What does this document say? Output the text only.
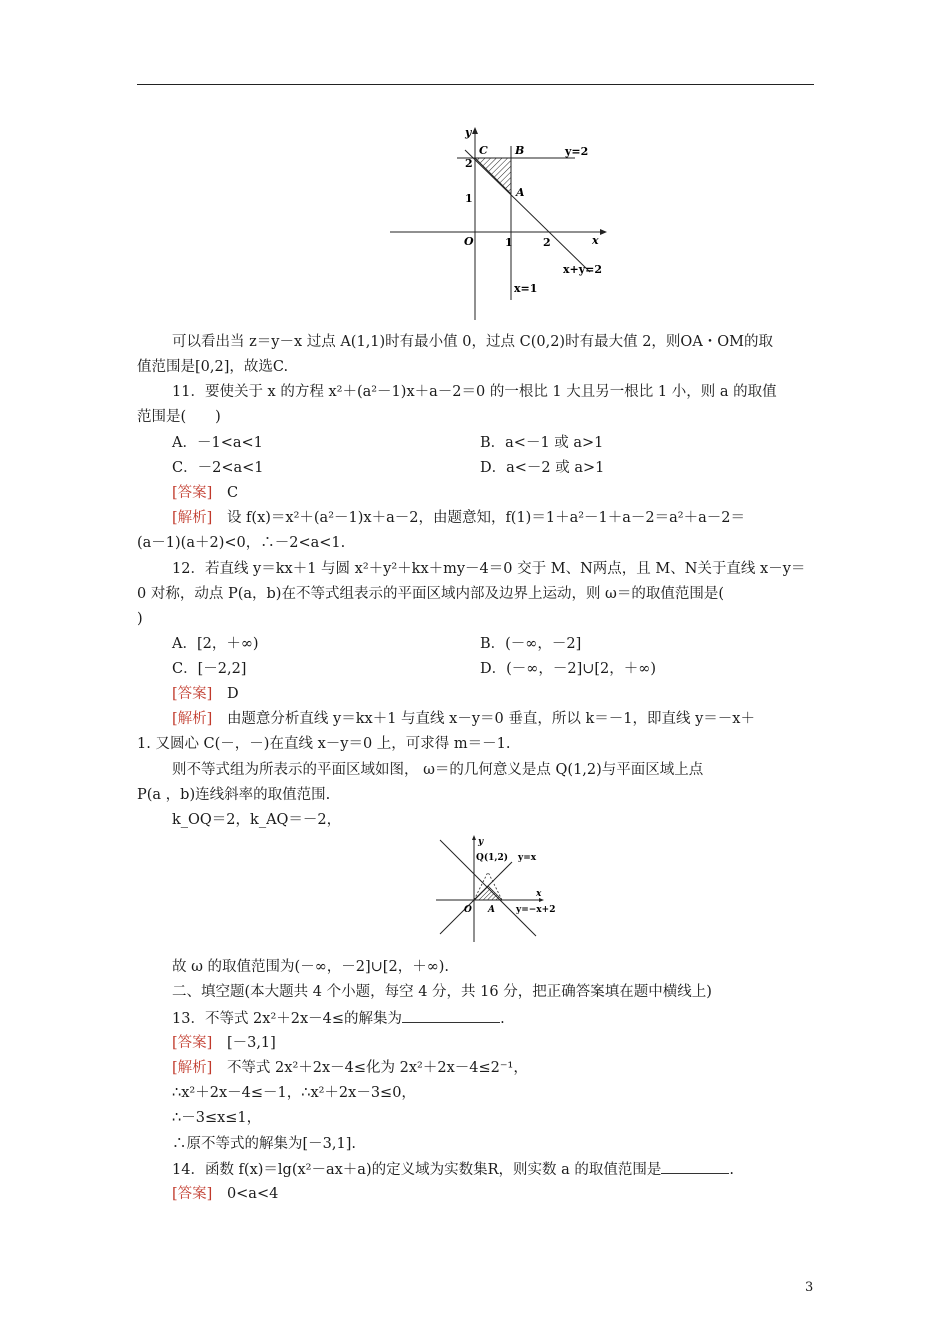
y
x
O
C B
A
y=2
x=1
x+y=2
2
1
1	2
可以看出当 z＝y－x 过点 A(1,1)时有最小值 0，过点 C(0,2)时有最大值 2，则OA・OM的取
值范围是[0,2]，故选C.
11．要使关于 x 的方程 x²＋(a²－1)x＋a－2＝0 的一根比 1 大且另一根比 1 小，则 a 的取值
范围是(　　)
A．－1<a<1	B．a<－1 或 a>1
C．－2<a<1	D．a<－2 或 a>1
[答案] C
[解析] 设 f(x)＝x²＋(a²－1)x＋a－2，由题意知，f(1)＝1＋a²－1＋a－2＝a²＋a－2＝
(a－1)(a＋2)<0，∴－2<a<1.
12．若直线 y＝kx＋1 与圆 x²＋y²＋kx＋my－4＝0 交于 M、N两点，且 M、N关于直线 x－y＝
0 对称，动点 P(a，b)在不等式组表示的平面区域内部及边界上运动，则 ω＝的取值范围是(
)
A．[2，＋∞)	B．(－∞，－2]
C．[－2,2]	D．(－∞，－2]∪[2，＋∞)
[答案] D
[解析] 由题意分析直线 y＝kx＋1 与直线 x－y＝0 垂直，所以 k＝－1，即直线 y＝－x＋
1. 又圆心 C(－，－)在直线 x－y＝0 上，可求得 m＝－1.
则不等式组为所表示的平面区域如图， ω＝的几何意义是点 Q(1,2)与平面区域上点
P(a ，b)连线斜率的取值范围.
k_OQ＝2，k_AQ＝－2，
y
x
O A
Q(1,2) y=x
y=−x+2
故 ω 的取值范围为(－∞，－2]∪[2，＋∞).
二、填空题(本大题共 4 个小题，每空 4 分，共 16 分，把正确答案填在题中横线上)
13．不等式 2x²＋2x－4≤的解集为	.
[答案] [－3,1]
[解析] 不等式 2x²＋2x－4≤化为 2x²＋2x－4≤2⁻¹，
∴x²＋2x－4≤－1，∴x²＋2x－3≤0，
∴－3≤x≤1，
∴原不等式的解集为[－3,1].
14．函数 f(x)＝lg(x²－ax＋a)的定义域为实数集R，则实数 a 的取值范围是	.
[答案] 0<a<4
3
